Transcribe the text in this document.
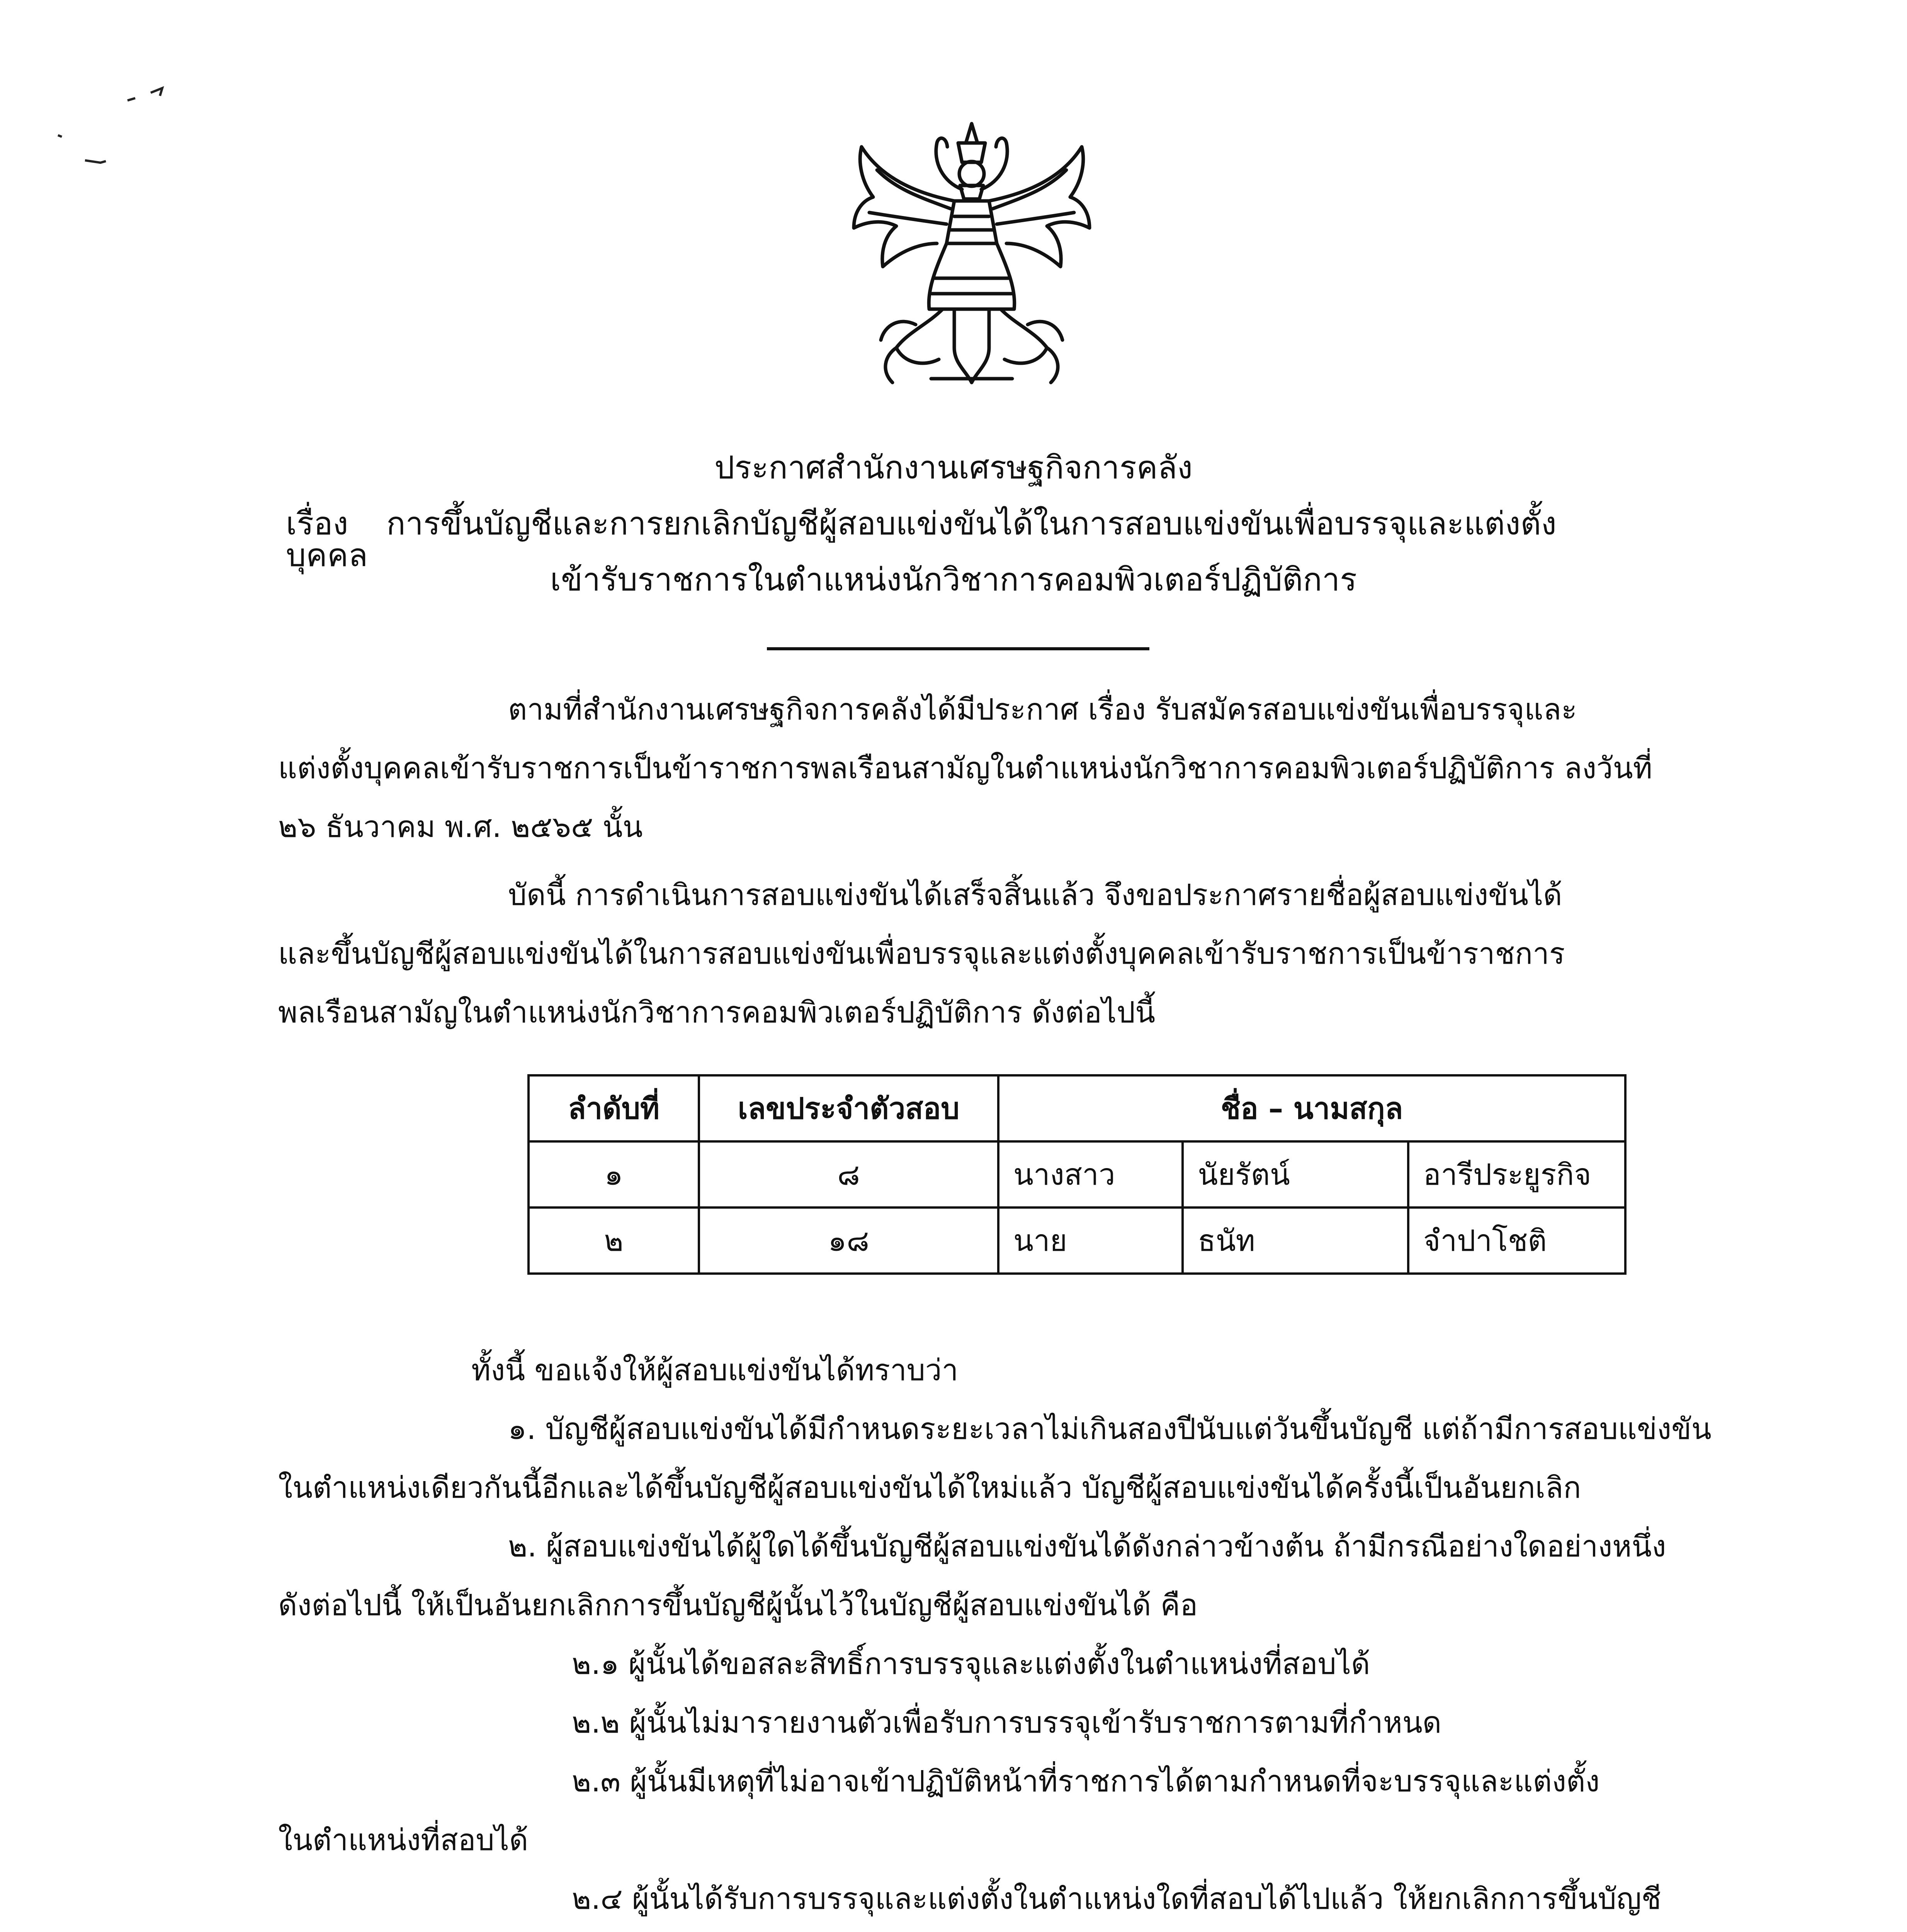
ประกาศสำนักงานเศรษฐกิจการคลัง
เรื่อง การขึ้นบัญชีและการยกเลิกบัญชีผู้สอบแข่งขันได้ในการสอบแข่งขันเพื่อบรรจุและแต่งตั้งบุคคล
เข้ารับราชการในตำแหน่งนักวิชาการคอมพิวเตอร์ปฏิบัติการ
ตามที่สำนักงานเศรษฐกิจการคลังได้มีประกาศ เรื่อง รับสมัครสอบแข่งขันเพื่อบรรจุและ
แต่งตั้งบุคคลเข้ารับราชการเป็นข้าราชการพลเรือนสามัญในตำแหน่งนักวิชาการคอมพิวเตอร์ปฏิบัติการ ลงวันที่
๒๖ ธันวาคม พ.ศ. ๒๕๖๕ นั้น
บัดนี้ การดำเนินการสอบแข่งขันได้เสร็จสิ้นแล้ว จึงขอประกาศรายชื่อผู้สอบแข่งขันได้
และขึ้นบัญชีผู้สอบแข่งขันได้ในการสอบแข่งขันเพื่อบรรจุและแต่งตั้งบุคคลเข้ารับราชการเป็นข้าราชการ
พลเรือนสามัญในตำแหน่งนักวิชาการคอมพิวเตอร์ปฏิบัติการ ดังต่อไปนี้
ลำดับที่	เลขประจำตัวสอบ	ชื่อ – นามสกุล		
๑	๘	นางสาว	นัยรัตน์	อารีประยูรกิจ
๒	๑๘	นาย	ธนัท	จำปาโชติ
ทั้งนี้ ขอแจ้งให้ผู้สอบแข่งขันได้ทราบว่า
๑. บัญชีผู้สอบแข่งขันได้มีกำหนดระยะเวลาไม่เกินสองปีนับแต่วันขึ้นบัญชี แต่ถ้ามีการสอบแข่งขัน
ในตำแหน่งเดียวกันนี้อีกและได้ขึ้นบัญชีผู้สอบแข่งขันได้ใหม่แล้ว บัญชีผู้สอบแข่งขันได้ครั้งนี้เป็นอันยกเลิก
๒. ผู้สอบแข่งขันได้ผู้ใดได้ขึ้นบัญชีผู้สอบแข่งขันได้ดังกล่าวข้างต้น ถ้ามีกรณีอย่างใดอย่างหนึ่ง
ดังต่อไปนี้ ให้เป็นอันยกเลิกการขึ้นบัญชีผู้นั้นไว้ในบัญชีผู้สอบแข่งขันได้ คือ
๒.๑ ผู้นั้นได้ขอสละสิทธิ์การบรรจุและแต่งตั้งในตำแหน่งที่สอบได้
๒.๒ ผู้นั้นไม่มารายงานตัวเพื่อรับการบรรจุเข้ารับราชการตามที่กำหนด
๒.๓ ผู้นั้นมีเหตุที่ไม่อาจเข้าปฏิบัติหน้าที่ราชการได้ตามกำหนดที่จะบรรจุและแต่งตั้ง
ในตำแหน่งที่สอบได้
๒.๔ ผู้นั้นได้รับการบรรจุและแต่งตั้งในตำแหน่งใดที่สอบได้ไปแล้ว ให้ยกเลิกการขึ้นบัญชี
